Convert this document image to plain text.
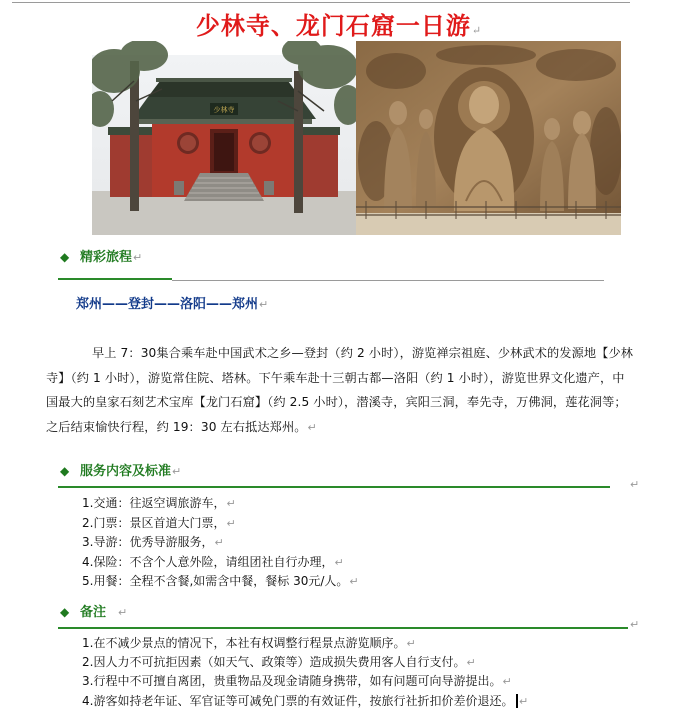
少林寺、龙门石窟一日游↵
少林寺
◆ 精彩旅程↵
郑州——登封——洛阳——郑州↵
早上 7：30集合乘车赴中国武术之乡—登封（约 2 小时），游览禅宗祖庭、少林武术的发源地【少林寺】（约 1 小时），游览常住院、塔林。下午乘车赴十三朝古都—洛阳（约 1 小时），游览世界文化遗产，中国最大的皇家石刻艺术宝库【龙门石窟】（约 2.5 小时），潜溪寺，宾阳三洞，奉先寺，万佛洞，莲花洞等；之后结束愉快行程，约 19：30 左右抵达郑州。↵
◆ 服务内容及标准↵
↵
1.交通：往返空调旅游车，↵
2.门票：景区首道大门票，↵
3.导游：优秀导游服务，↵
4.保险：不含个人意外险，请组团社自行办理，↵
5.用餐：全程不含餐,如需含中餐，餐标 30元/人。↵
◆ 备注 ↵
↵
1.在不减少景点的情况下，本社有权调整行程景点游览顺序。↵
2.因人力不可抗拒因素（如天气、政策等）造成损失费用客人自行支付。↵
3.行程中不可擅自离团，贵重物品及现金请随身携带，如有问题可向导游提出。↵
4.游客如持老年证、军官证等可减免门票的有效证件，按旅行社折扣价差价退还。 ↵
